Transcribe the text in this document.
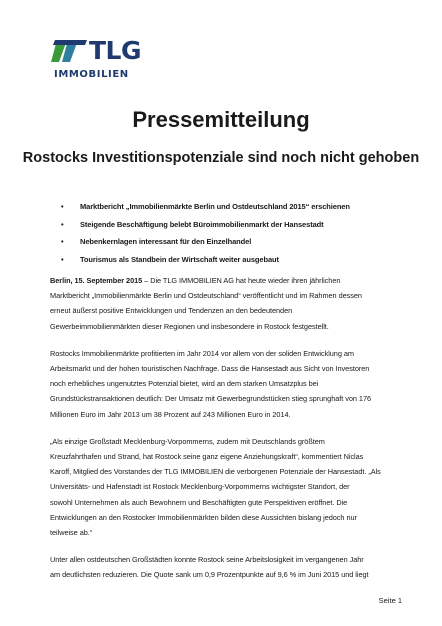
TLG
IMMOBILIEN
Pressemitteilung
Rostocks Investitionspotenziale sind noch nicht gehoben
• Marktbericht „Immobilienmärkte Berlin und Ostdeutschland 2015“ erschienen
• Steigende Beschäftigung belebt Büroimmobilienmarkt der Hansestadt
• Nebenkernlagen interessant für den Einzelhandel
• Tourismus als Standbein der Wirtschaft weiter ausgebaut

Berlin, 15. September 2015 – Die TLG IMMOBILIEN AG hat heute wieder ihren jährlichen
Marktbericht „Immobilienmärkte Berlin und Ostdeutschland“ veröffentlicht und im Rahmen dessen
erneut äußerst positive Entwicklungen und Tendenzen an den bedeutenden
Gewerbeimmobilienmärkten dieser Regionen und insbesondere in Rostock festgestellt.

Rostocks Immobilienmärkte profitierten im Jahr 2014 vor allem von der soliden Entwicklung am
Arbeitsmarkt und der hohen touristischen Nachfrage. Dass die Hansestadt aus Sicht von Investoren
noch erhebliches ungenutztes Potenzial bietet, wird an dem starken Umsatzplus bei
Grundstückstransaktionen deutlich: Der Umsatz mit Gewerbegrundstücken stieg sprunghaft von 176
Millionen Euro im Jahr 2013 um 38 Prozent auf 243 Millionen Euro in 2014.

„Als einzige Großstadt Mecklenburg-Vorpommerns, zudem mit Deutschlands größtem
Kreuzfahrthafen und Strand, hat Rostock seine ganz eigene Anziehungskraft“, kommentiert Niclas
Karoff, Mitglied des Vorstandes der TLG IMMOBILIEN die verborgenen Potenziale der Hansestadt. „Als
Universitäts- und Hafenstadt ist Rostock Mecklenburg-Vorpommerns wichtigster Standort, der
sowohl Unternehmen als auch Bewohnern und Beschäftigten gute Perspektiven eröffnet. Die
Entwicklungen an den Rostocker Immobilienmärkten bilden diese Aussichten bislang jedoch nur
teilweise ab.“

Unter allen ostdeutschen Großstädten konnte Rostock seine Arbeitslosigkeit im vergangenen Jahr
am deutlichsten reduzieren. Die Quote sank um 0,9 Prozentpunkte auf 9,6 % im Juni 2015 und liegt

Seite 1
